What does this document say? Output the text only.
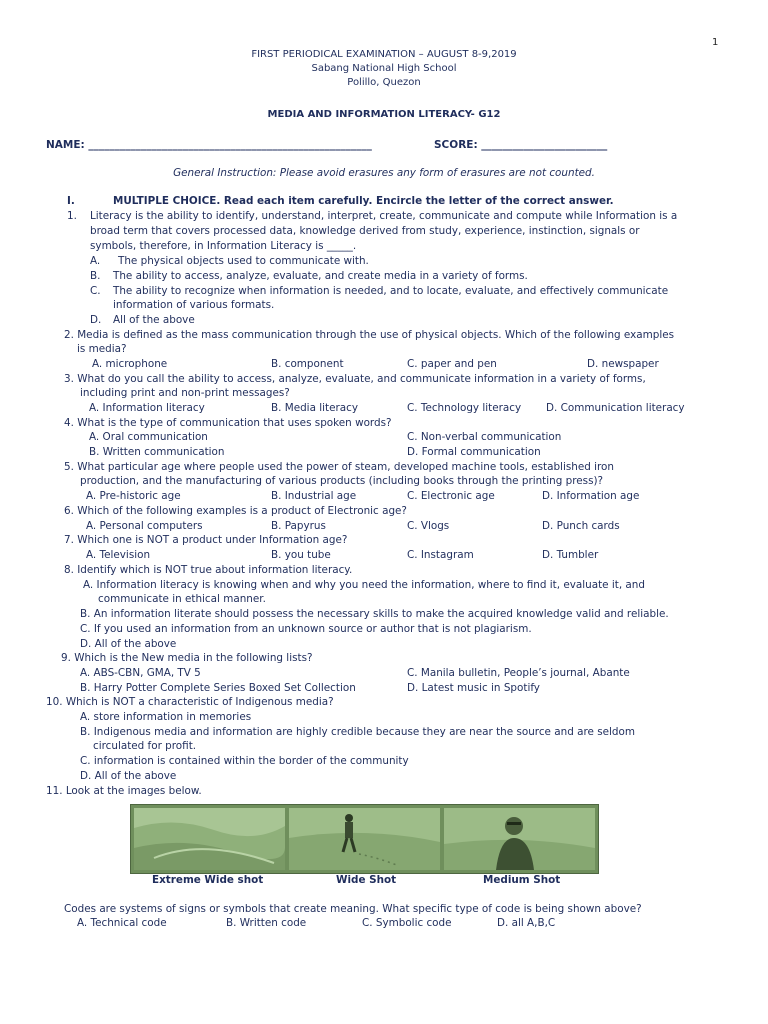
1
FIRST PERIODICAL EXAMINATION – AUGUST 8-9,2019
Sabang National High School
Polillo, Quezon
MEDIA AND INFORMATION LITERACY- G12
NAME: ______________________________________________________	SCORE: ________________________
General Instruction: Please avoid erasures any form of erasures are not counted.
I.	MULTIPLE CHOICE. Read each item carefully. Encircle the letter of the correct answer.
1. Literacy is the ability to identify, understand, interpret, create, communicate and compute while Information is a
broad term that covers processed data, knowledge derived from study, experience, instinction, signals or
symbols, therefore, in Information Literacy is _____.
A. The physical objects used to communicate with.
B. The ability to access, analyze, evaluate, and create media in a variety of forms.
C. The ability to recognize when information is needed, and to locate, evaluate, and effectively communicate
information of various formats.
D. All of the above
2. Media is defined as the mass communication through the use of physical objects. Which of the following examples
is media?
A. microphone	B. component	C. paper and pen	D. newspaper
3. What do you call the ability to access, analyze, evaluate, and communicate information in a variety of forms,
including print and non-print messages?
A. Information literacy	B. Media literacy	C. Technology literacy D. Communication literacy
4. What is the type of communication that uses spoken words?
A. Oral communication	C. Non-verbal communication
B. Written communication	D. Formal communication
5. What particular age where people used the power of steam, developed machine tools, established iron
production, and the manufacturing of various products (including books through the printing press)?
A. Pre-historic age	B. Industrial age	C. Electronic age	D. Information age
6. Which of the following examples is a product of Electronic age?
A. Personal computers	B. Papyrus	C. Vlogs	D. Punch cards
7. Which one is NOT a product under Information age?
A. Television	B. you tube	C. Instagram	D. Tumbler
8. Identify which is NOT true about information literacy.
A. Information literacy is knowing when and why you need the information, where to find it, evaluate it, and
communicate in ethical manner.
B. An information literate should possess the necessary skills to make the acquired knowledge valid and reliable.
C. If you used an information from an unknown source or author that is not plagiarism.
D. All of the above
9. Which is the New media in the following lists?
A. ABS-CBN, GMA, TV 5	C. Manila bulletin, People’s journal, Abante
B. Harry Potter Complete Series Boxed Set Collection	D. Latest music in Spotify
10. Which is NOT a characteristic of Indigenous media?
A. store information in memories
B. Indigenous media and information are highly credible because they are near the source and are seldom
circulated for profit.
C. information is contained within the border of the community
D. All of the above
11. Look at the images below.
Extreme Wide shot	Wide Shot	Medium Shot
Codes are systems of signs or symbols that create meaning. What specific type of code is being shown above?
A. Technical code	B. Written code	C. Symbolic code	D. all A,B,C
